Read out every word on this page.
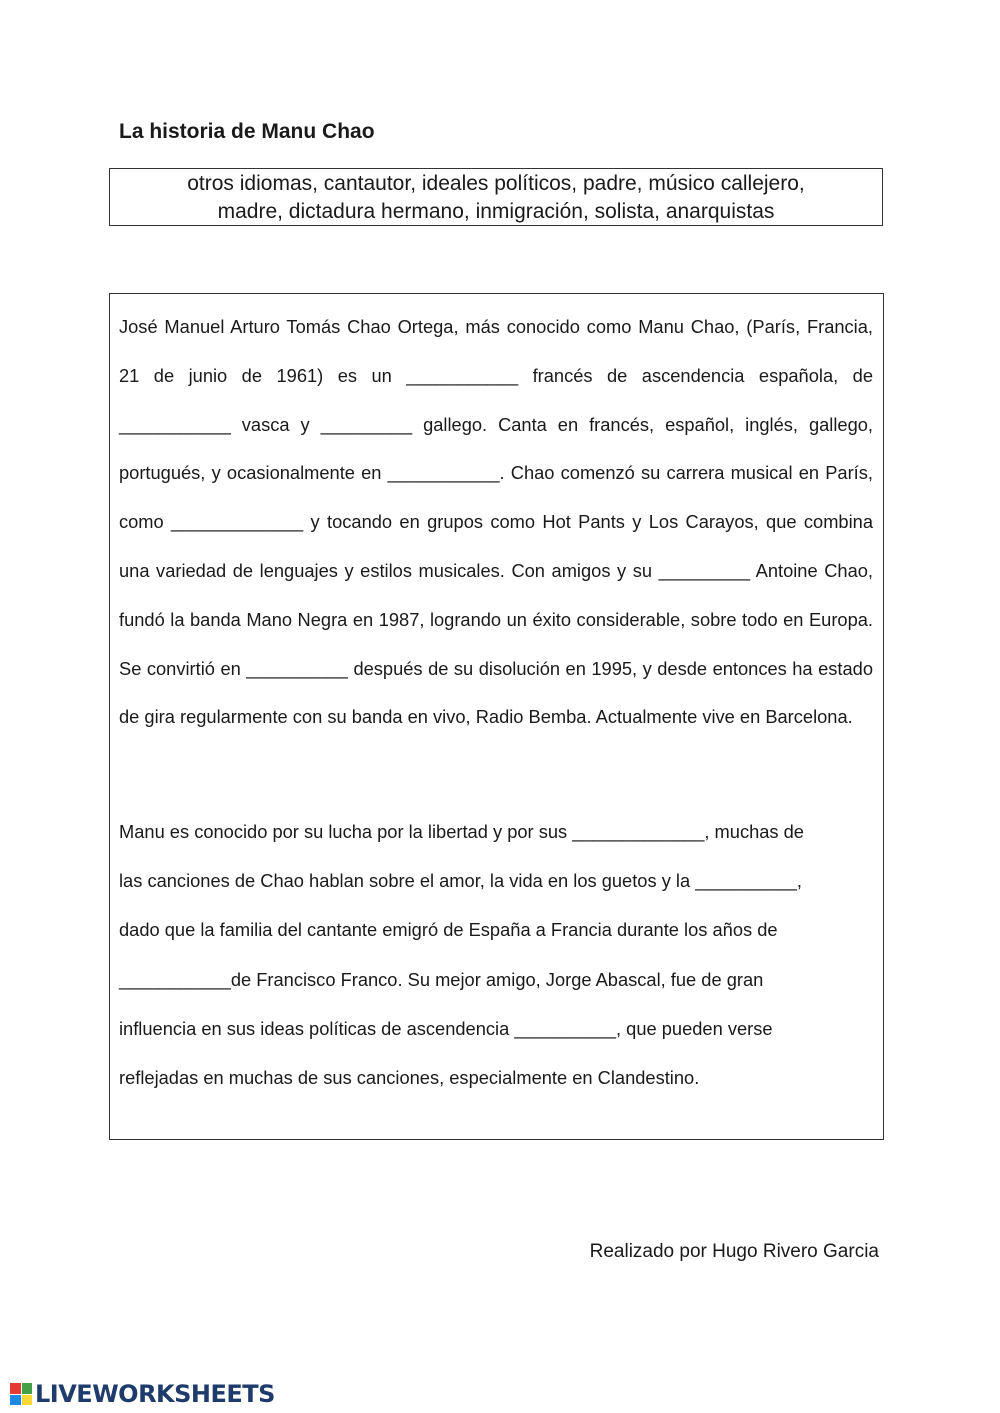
La historia de Manu Chao
otros idiomas, cantautor, ideales políticos, padre, músico callejero,
madre, dictadura hermano, inmigración, solista, anarquistas

José Manuel Arturo Tomás Chao Ortega, más conocido como Manu Chao, (París, Francia, 21 de junio de 1961) es un ___________ francés de ascendencia española, de ___________ vasca y _________ gallego. Canta en francés, español, inglés, gallego, portugués, y ocasionalmente en ___________. Chao comenzó su carrera musical en París, como _____________ y tocando en grupos como Hot Pants y Los Carayos, que combina una variedad de lenguajes y estilos musicales. Con amigos y su _________ Antoine Chao, fundó la banda Mano Negra en 1987, logrando un éxito considerable, sobre todo en Europa. Se convirtió en __________ después de su disolución en 1995, y desde entonces ha estado de gira regularmente con su banda en vivo, Radio Bemba. Actualmente vive en Barcelona.

Manu es conocido por su lucha por la libertad y por sus _____________, muchas de
las canciones de Chao hablan sobre el amor, la vida en los guetos y la __________,
dado que la familia del cantante emigró de España a Francia durante los años de
___________de Francisco Franco. Su mejor amigo, Jorge Abascal, fue de gran
influencia en sus ideas políticas de ascendencia __________, que pueden verse
reflejadas en muchas de sus canciones, especialmente en Clandestino.

Realizado por Hugo Rivero Garcia
LIVEWORKSHEETS
